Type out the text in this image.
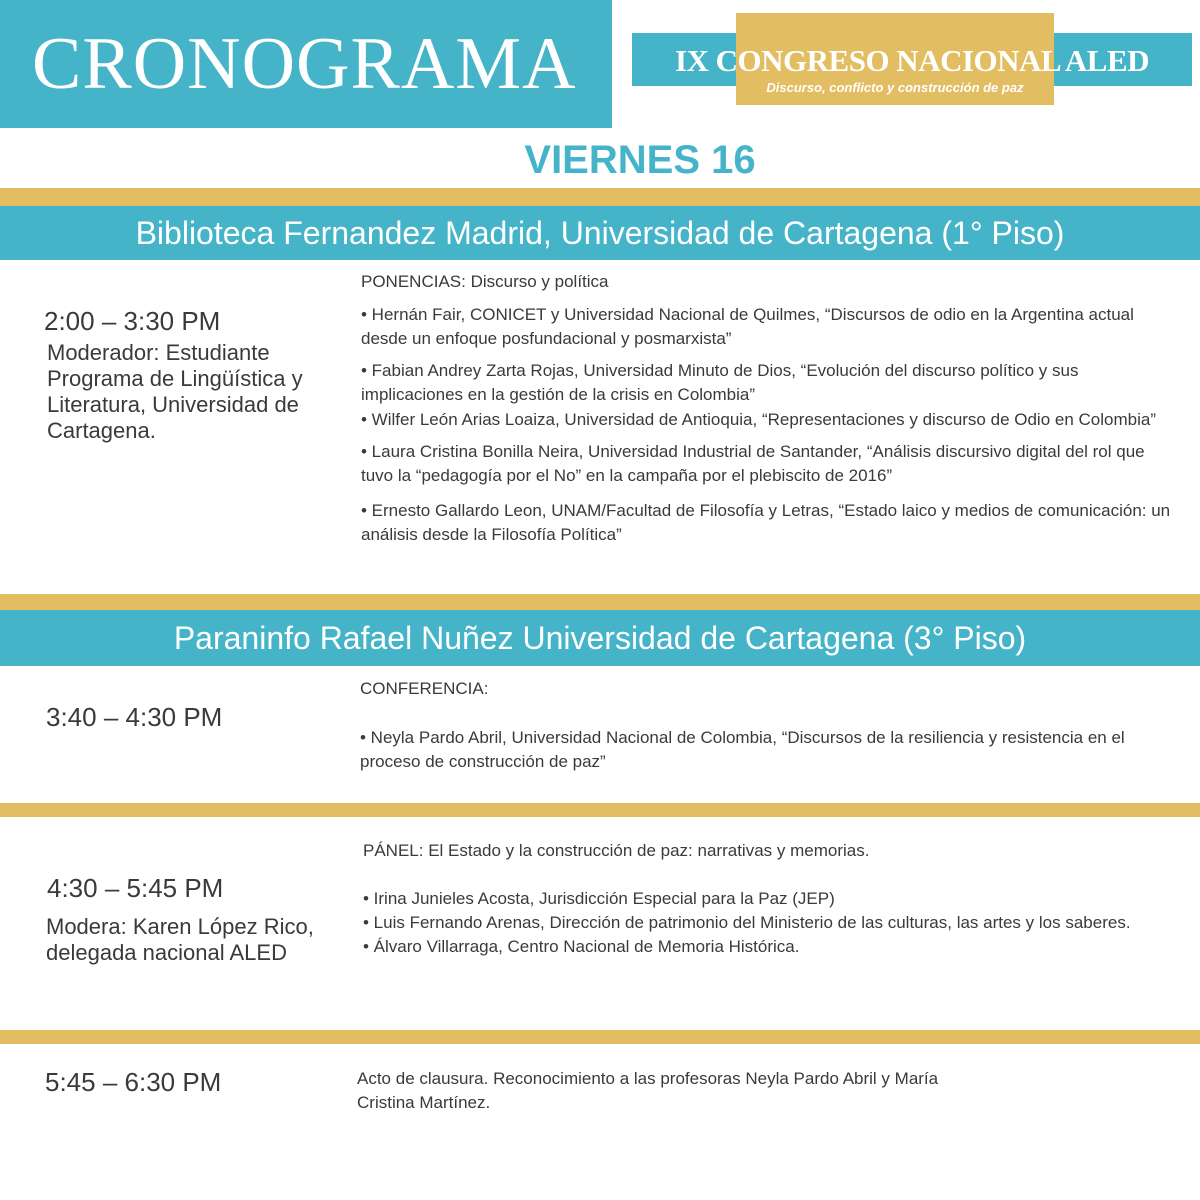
CRONOGRAMA	IX CONGRESO NACIONAL ALED
Discurso, conflicto y construcción de paz
VIERNES 16
Biblioteca Fernandez Madrid, Universidad de Cartagena (1° Piso)
2:00 – 3:30 PM
Moderador: Estudiante Programa de Lingüística y Literatura, Universidad de Cartagena.
PONENCIAS: Discurso y política
• Hernán Fair, CONICET y Universidad Nacional de Quilmes, “Discursos de odio en la Argentina actual desde un enfoque posfundacional y posmarxista”
• Fabian Andrey Zarta Rojas, Universidad Minuto de Dios, “Evolución del discurso político y sus implicaciones en la gestión de la crisis en Colombia”
• Wilfer León Arias Loaiza, Universidad de Antioquia, “Representaciones y discurso de Odio en Colombia”
• Laura Cristina Bonilla Neira, Universidad Industrial de Santander, “Análisis discursivo digital del rol que tuvo la “pedagogía por el No” en la campaña por el plebiscito de 2016”
• Ernesto Gallardo Leon, UNAM/Facultad de Filosofía y Letras, “Estado laico y medios de comunicación: un análisis desde la Filosofía Política”
Paraninfo Rafael Nuñez Universidad de Cartagena (3° Piso)
3:40 – 4:30 PM
CONFERENCIA:
• Neyla Pardo Abril, Universidad Nacional de Colombia, “Discursos de la resiliencia y resistencia en el proceso de construcción de paz”
4:30 – 5:45 PM
Modera: Karen López Rico, delegada nacional ALED
PÁNEL: El Estado y la construcción de paz: narrativas y memorias.
• Irina Junieles Acosta, Jurisdicción Especial para la Paz (JEP)
• Luis Fernando Arenas, Dirección de patrimonio del Ministerio de las culturas, las artes y los saberes.
• Álvaro Villarraga, Centro Nacional de Memoria Histórica.
5:45 – 6:30 PM	Acto de clausura. Reconocimiento a las profesoras Neyla Pardo Abril y María Cristina Martínez.
